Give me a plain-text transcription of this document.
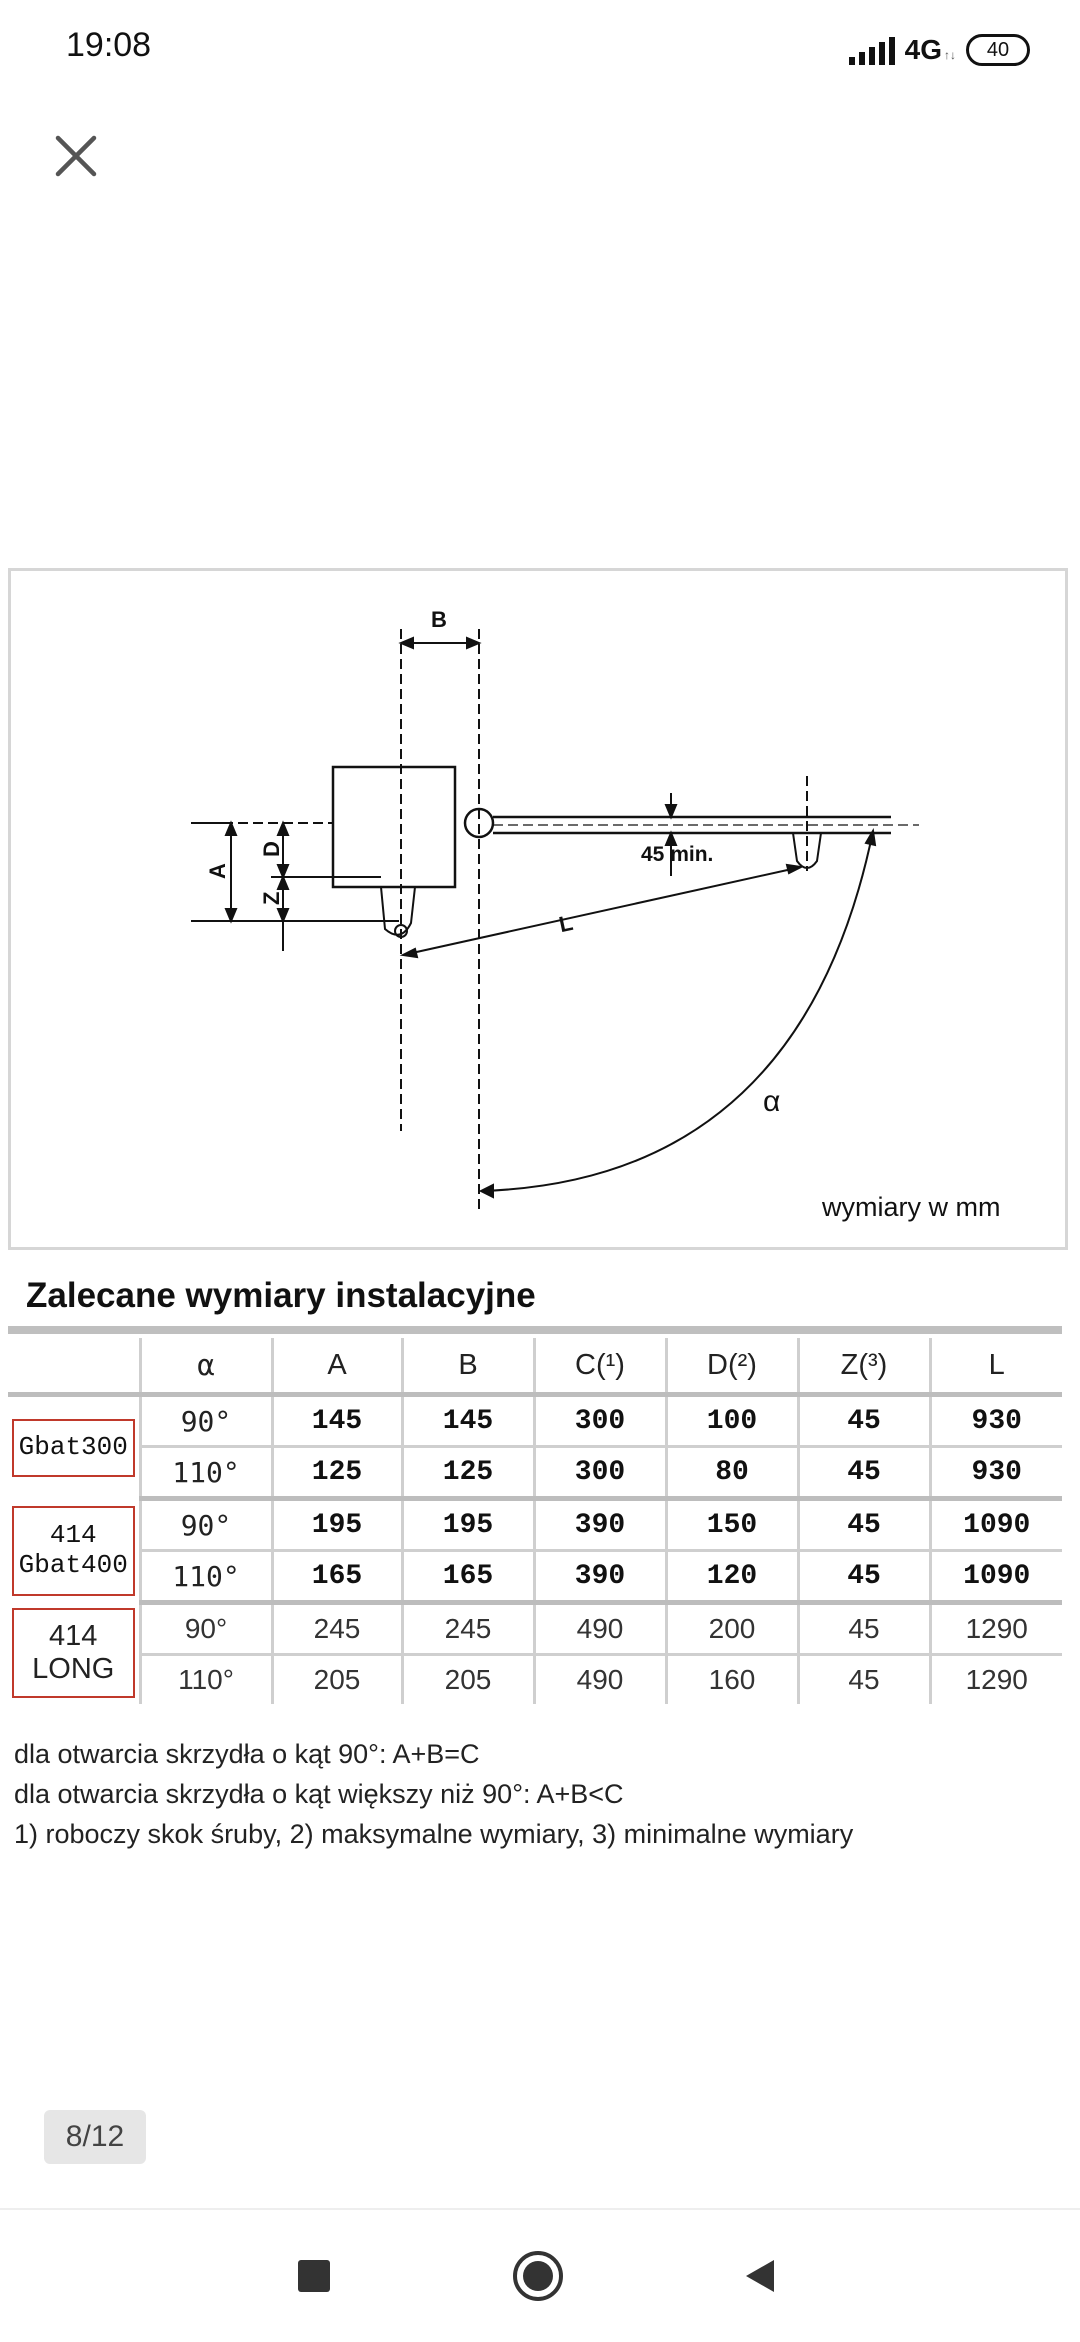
19:08	4G ↑↓ 40
B
A
D
Z
L
45 min.
α
wymiary w mm
Zalecane wymiary instalacyjne
	α	A	B	C(¹)	D(²)	Z(³)	L

Gbat300	90°	145	145	300	100	45	930
	110°	125	125	300	80	45	930

414
Gbat400	90°	195	195	390	150	45	1090
	110°	165	165	390	120	45	1090

414
LONG	90°	245	245	490	200	45	1290
	110°	205	205	490	160	45	1290
dla otwarcia skrzydła o kąt 90°: A+B=C
dla otwarcia skrzydła o kąt większy niż 90°: A+B<C
1) roboczy skok śruby, 2) maksymalne wymiary, 3) minimalne wymiary
8/12
